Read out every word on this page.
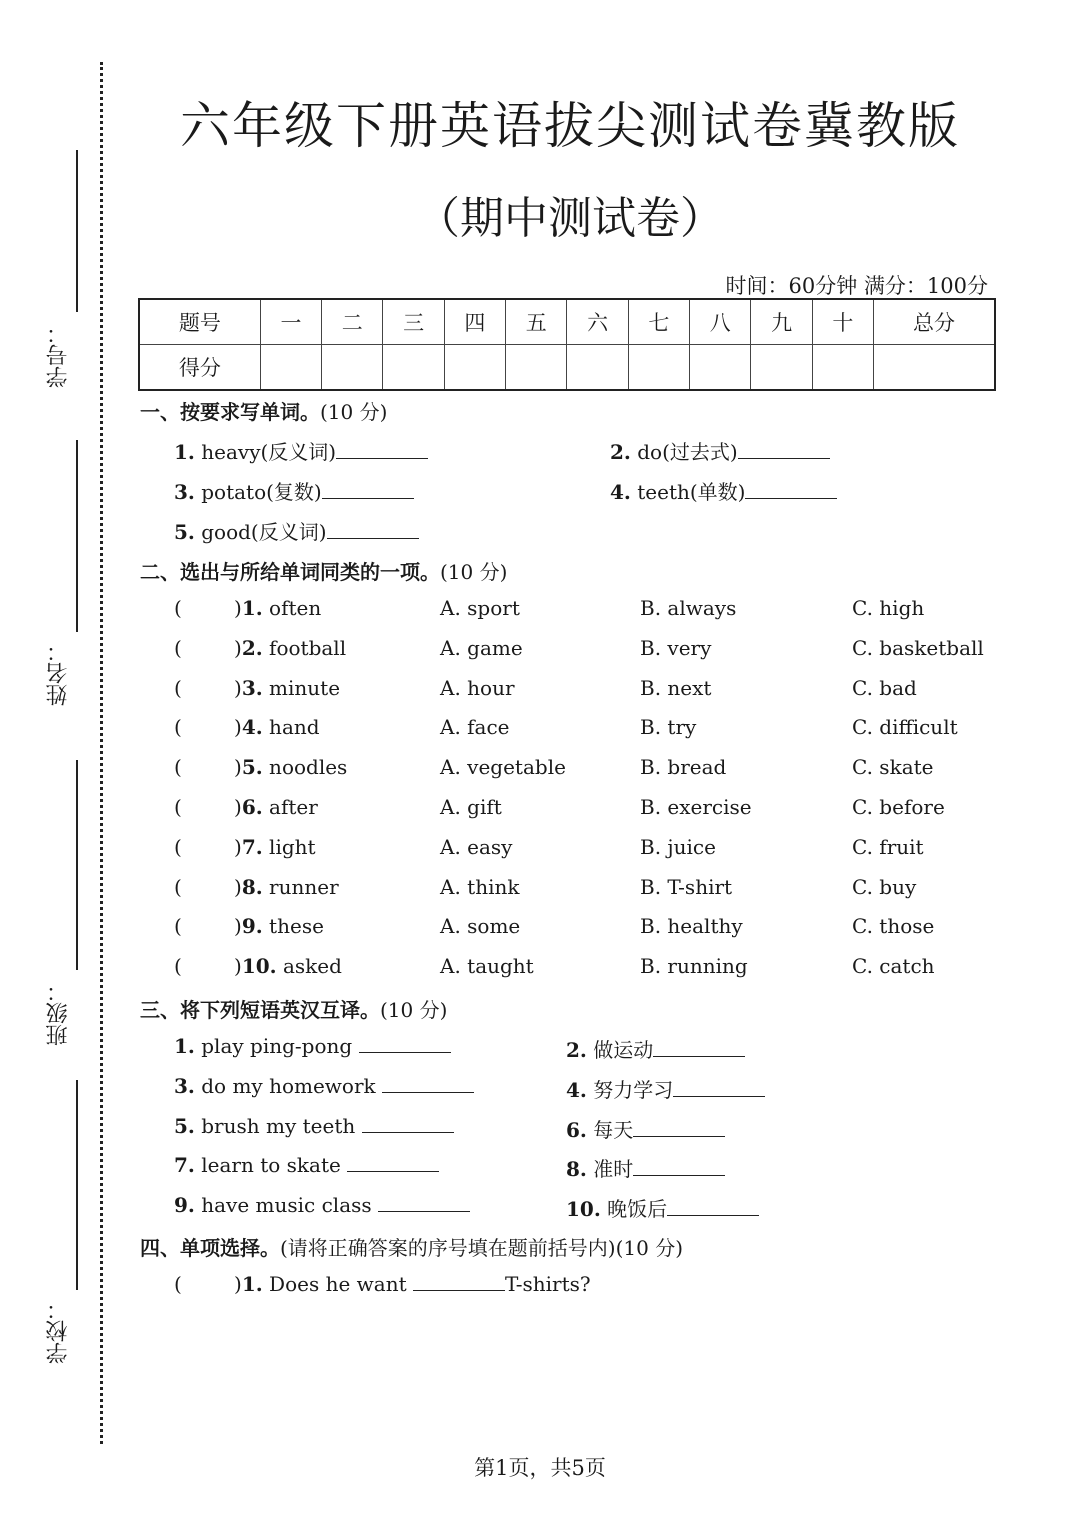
学号：
姓名：
班级：
学校：
六年级下册英语拔尖测试卷冀教版
（期中测试卷）
时间：60分钟 满分：100分
题号	一	二	三	四	五	六	七	八	九	十	总分
得分											
一、按要求写单词。(10 分)
1. heavy(反义词)	2. do(过去式)
3. potato(复数)	4. teeth(单数)
5. good(反义词)
二、选出与所给单词同类的一项。(10 分)
(	)1. often	A. sport	B. always	C. high
(	)2. football	A. game	B. very	C. basketball
(	)3. minute	A. hour	B. next	C. bad
(	)4. hand	A. face	B. try	C. difficult
(	)5. noodles	A. vegetable	B. bread	C. skate
(	)6. after	A. gift	B. exercise	C. before
(	)7. light	A. easy	B. juice	C. fruit
(	)8. runner	A. think	B. T-shirt	C. buy
(	)9. these	A. some	B. healthy	C. those
(	)10. asked	A. taught	B. running	C. catch
三、将下列短语英汉互译。(10 分)
1. play ping-pong	2. 做运动
3. do my homework	4. 努力学习
5. brush my teeth	6. 每天
7. learn to skate	8. 准时
9. have music class	10. 晚饭后
四、单项选择。(请将正确答案的序号填在题前括号内)(10 分)
(	)1. Does he want	T-shirts?
第1页，共5页
